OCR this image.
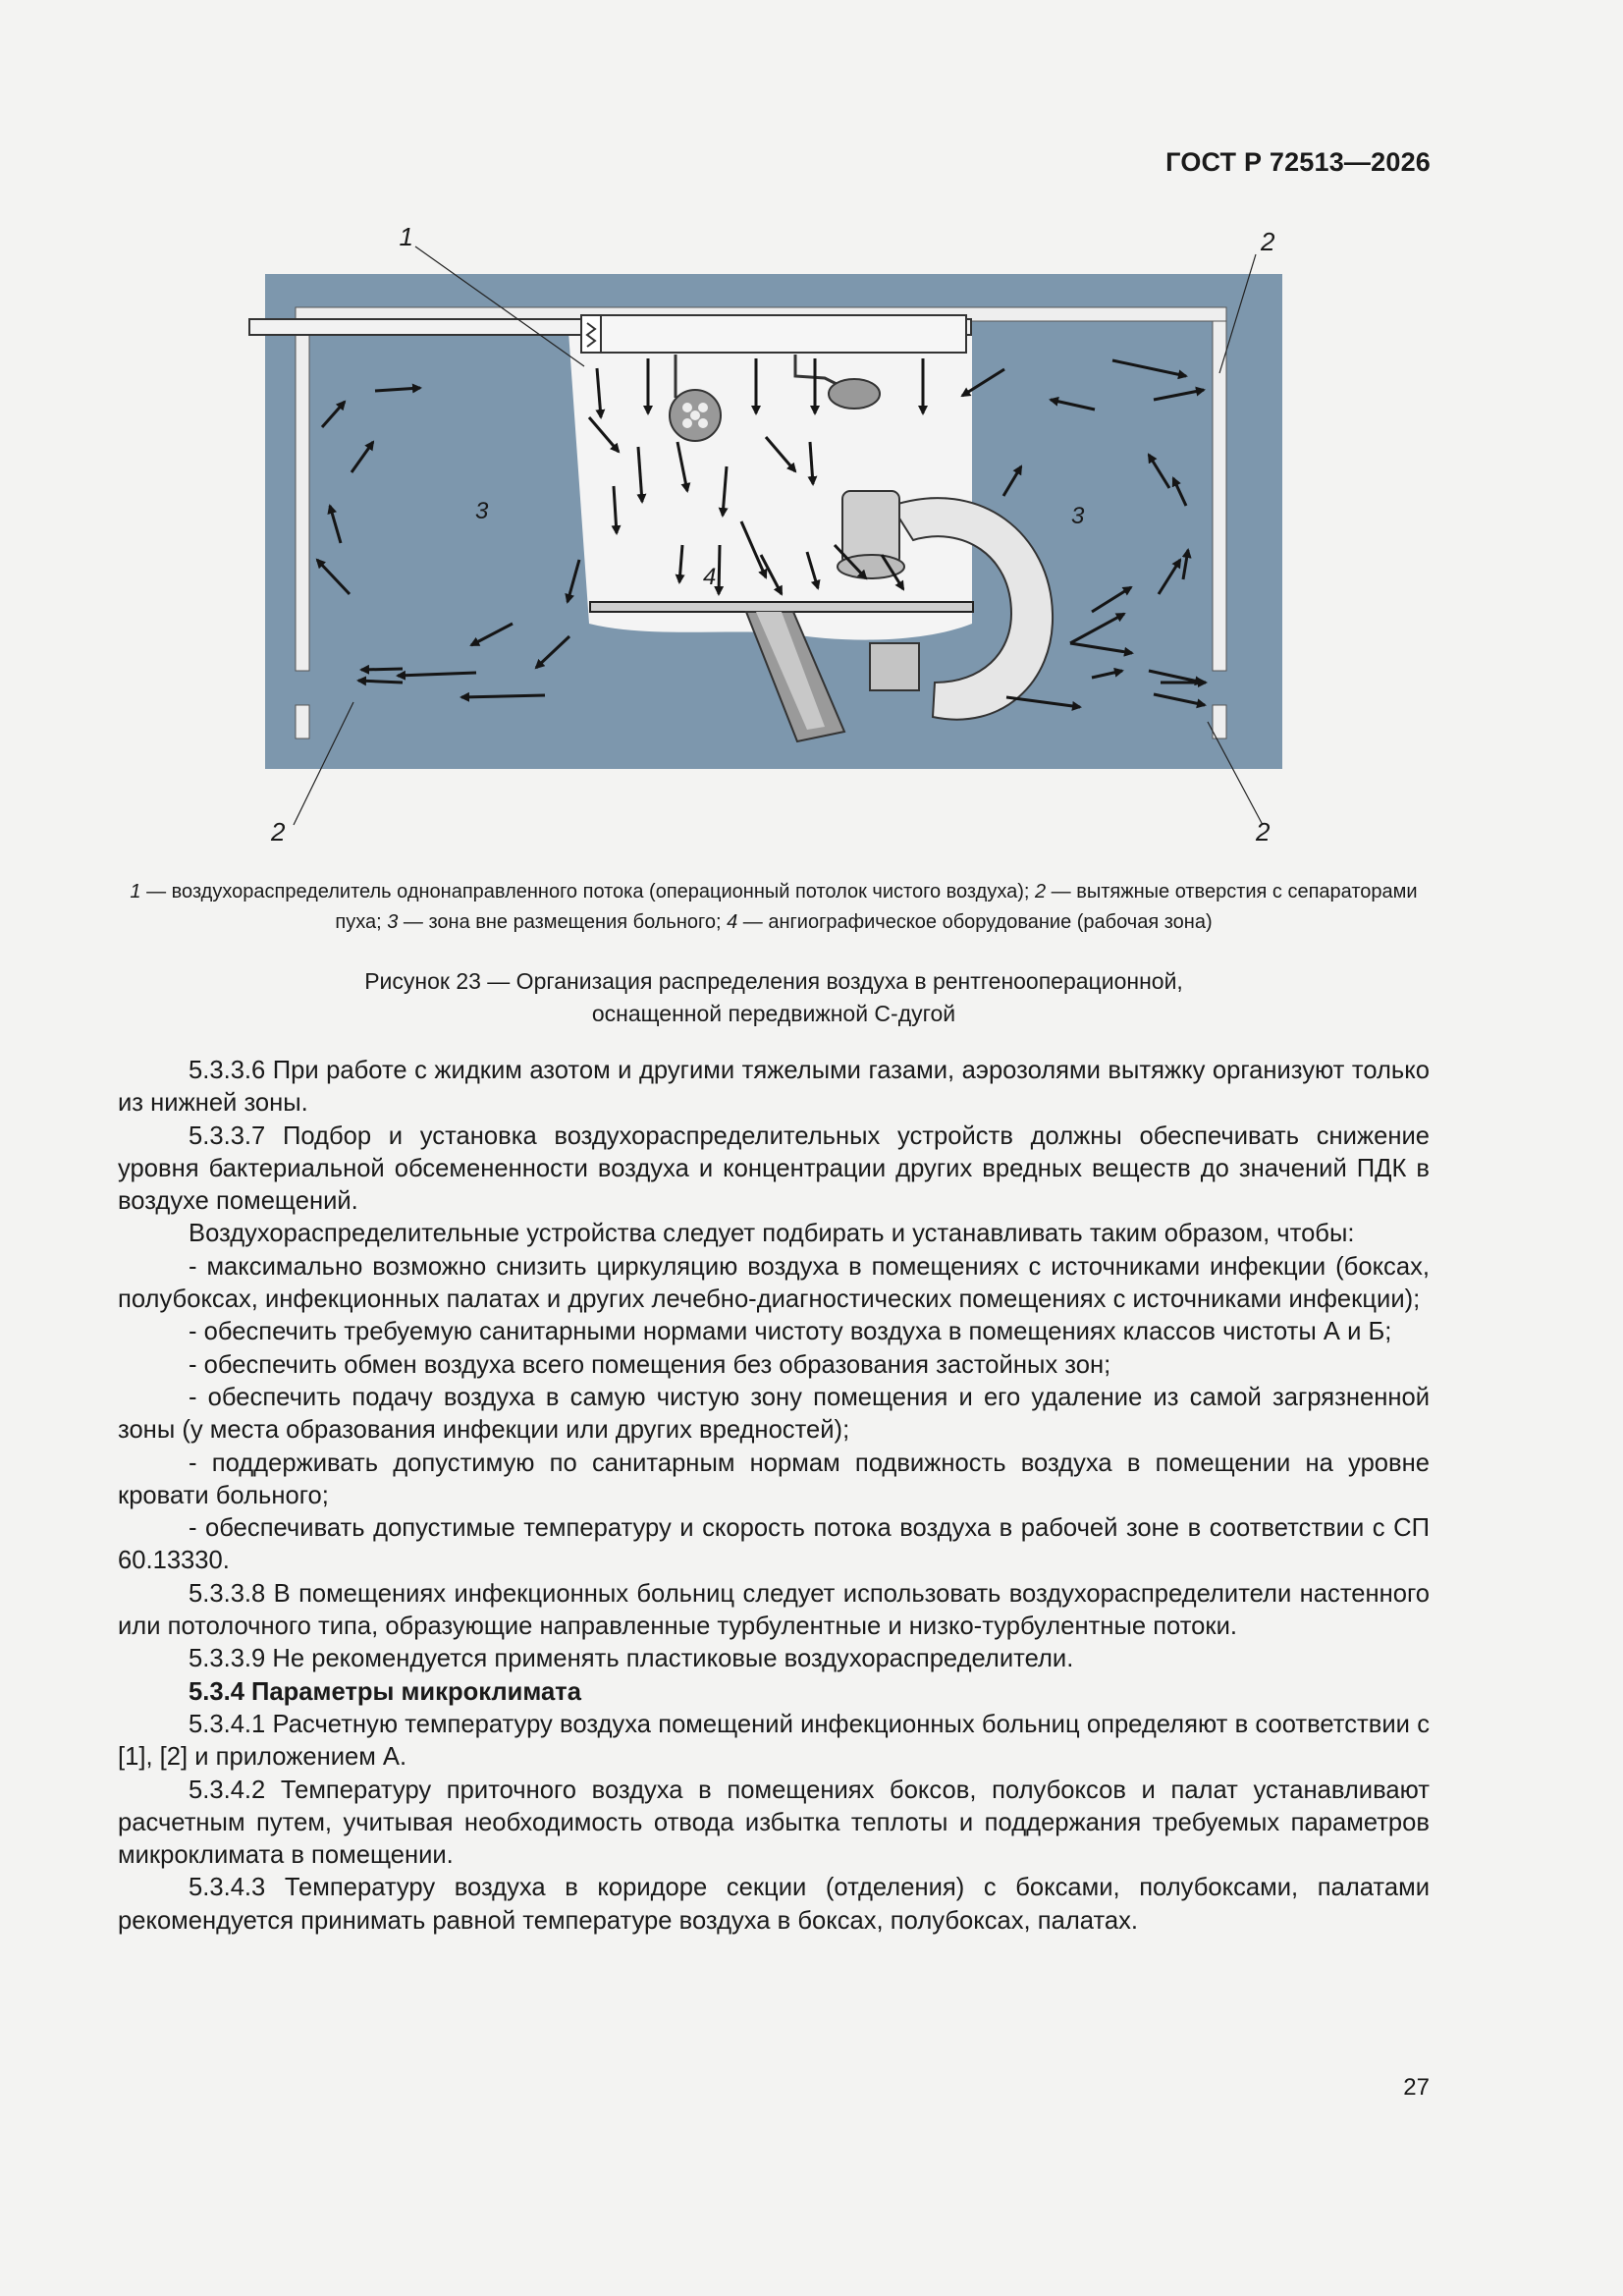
ГОСТ Р 72513—2026
1	2
2	2
3	3
4
1 — воздухораспределитель однонаправленного потока (операционный потолок чистого воздуха); 2 — вытяжные отверстия с сепараторами пуха; 3 — зона вне размещения больного; 4 — ангиографическое оборудование (рабочая зона)
Рисунок 23 — Организация распределения воздуха в рентгенооперационной,
оснащенной передвижной С-дугой

5.3.3.6 При работе с жидким азотом и другими тяжелыми газами, аэрозолями вытяжку организуют только из нижней зоны.

5.3.3.7 Подбор и установка воздухораспределительных устройств должны обеспечивать снижение уровня бактериальной обсемененности воздуха и концентрации других вредных веществ до значений ПДК в воздухе помещений.

Воздухораспределительные устройства следует подбирать и устанавливать таким образом, чтобы:

- максимально возможно снизить циркуляцию воздуха в помещениях с источниками инфекции (боксах, полубоксах, инфекционных палатах и других лечебно-диагностических помещениях с источниками инфекции);

- обеспечить требуемую санитарными нормами чистоту воздуха в помещениях классов чистоты А и Б;

- обеспечить обмен воздуха всего помещения без образования застойных зон;

- обеспечить подачу воздуха в самую чистую зону помещения и его удаление из самой загрязненной зоны (у места образования инфекции или других вредностей);

- поддерживать допустимую по санитарным нормам подвижность воздуха в помещении на уровне кровати больного;

- обеспечивать допустимые температуру и скорость потока воздуха в рабочей зоне в соответствии с СП 60.13330.

5.3.3.8 В помещениях инфекционных больниц следует использовать воздухораспределители настенного или потолочного типа, образующие направленные турбулентные и низко-турбулентные потоки.

5.3.3.9 Не рекомендуется применять пластиковые воздухораспределители.

5.3.4 Параметры микроклимата

5.3.4.1 Расчетную температуру воздуха помещений инфекционных больниц определяют в соответствии с [1], [2] и приложением А.

5.3.4.2 Температуру приточного воздуха в помещениях боксов, полубоксов и палат устанавливают расчетным путем, учитывая необходимость отвода избытка теплоты и поддержания требуемых параметров микроклимата в помещении.

5.3.4.3 Температуру воздуха в коридоре секции (отделения) с боксами, полубоксами, палатами рекомендуется принимать равной температуре воздуха в боксах, полубоксах, палатах.

27
